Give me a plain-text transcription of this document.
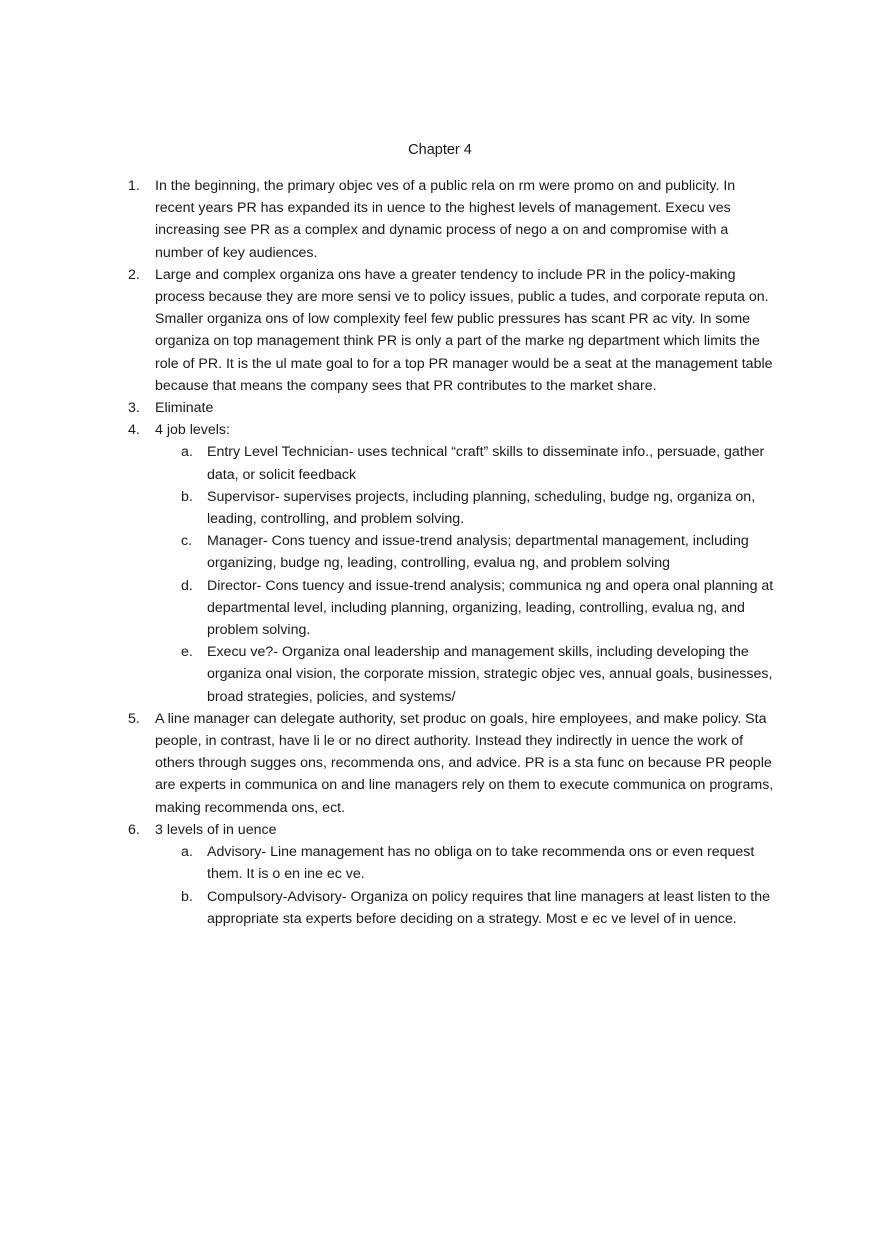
Chapter 4
1.	In the beginning, the primary objec ves of a public rela on rm were promo on and publicity. In recent years PR has expanded its in uence to the highest levels of management. Execu ves increasing see PR as a complex and dynamic process of nego a on and compromise with a number of key audiences.
2.	Large and complex organiza ons have a greater tendency to include PR in the policy-making process because they are more sensi ve to policy issues, public a tudes, and corporate reputa on. Smaller organiza ons of low complexity feel few public pressures has scant PR ac vity. In some organiza on top management think PR is only a part of the marke ng department which limits the role of PR. It is the ul mate goal to for a top PR manager would be a seat at the management table because that means the company sees that PR contributes to the market share.
3.	Eliminate
4.	4 job levels:
a. Entry Level Technician- uses technical “craft” skills to disseminate info., persuade, gather data, or solicit feedback
b. Supervisor- supervises projects, including planning, scheduling, budge ng, organiza on, leading, controlling, and problem solving.
c.	Manager- Cons tuency and issue-trend analysis; departmental management, including organizing, budge ng, leading, controlling, evalua ng, and problem solving
d. Director- Cons tuency and issue-trend analysis; communica ng and opera onal planning at departmental level, including planning, organizing, leading, controlling, evalua ng, and problem solving.
e. Execu ve?- Organiza onal leadership and management skills, including developing the organiza onal vision, the corporate mission, strategic objec ves, annual goals, businesses, broad strategies, policies, and systems/
5.	A line manager can delegate authority, set produc on goals, hire employees, and make policy. Sta people, in contrast, have li le or no direct authority. Instead they indirectly in uence the work of others through sugges ons, recommenda ons, and advice. PR is a sta func on because PR people are experts in communica on and line managers rely on them to execute communica on programs, making recommenda ons, ect.
6.	3 levels of in uence
a. Advisory- Line management has no obliga on to take recommenda ons or even request them. It is o en ine ec ve.
b. Compulsory-Advisory- Organiza on policy requires that line managers at least listen to the appropriate sta experts before deciding on a strategy. Most e ec ve level of in uence.
